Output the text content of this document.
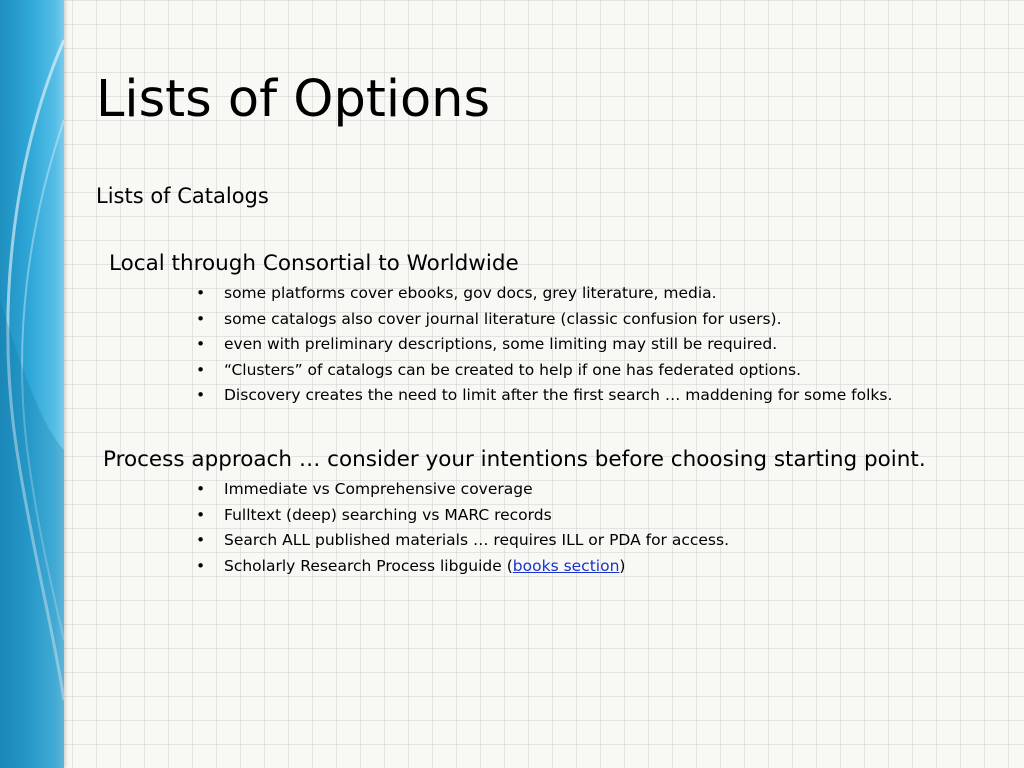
Lists of Options
Lists of Catalogs
Local through Consortial to Worldwide
• some platforms cover ebooks, gov docs, grey literature, media.
• some catalogs also cover journal literature (classic confusion for users).
• even with preliminary descriptions, some limiting may still be required.
• “Clusters” of catalogs can be created to help if one has federated options.
• Discovery creates the need to limit after the first search … maddening for some folks.
Process approach … consider your intentions before choosing starting point.
• Immediate vs Comprehensive coverage
• Fulltext (deep) searching vs MARC records
• Search ALL published materials … requires ILL or PDA for access.
• Scholarly Research Process libguide (books section)
